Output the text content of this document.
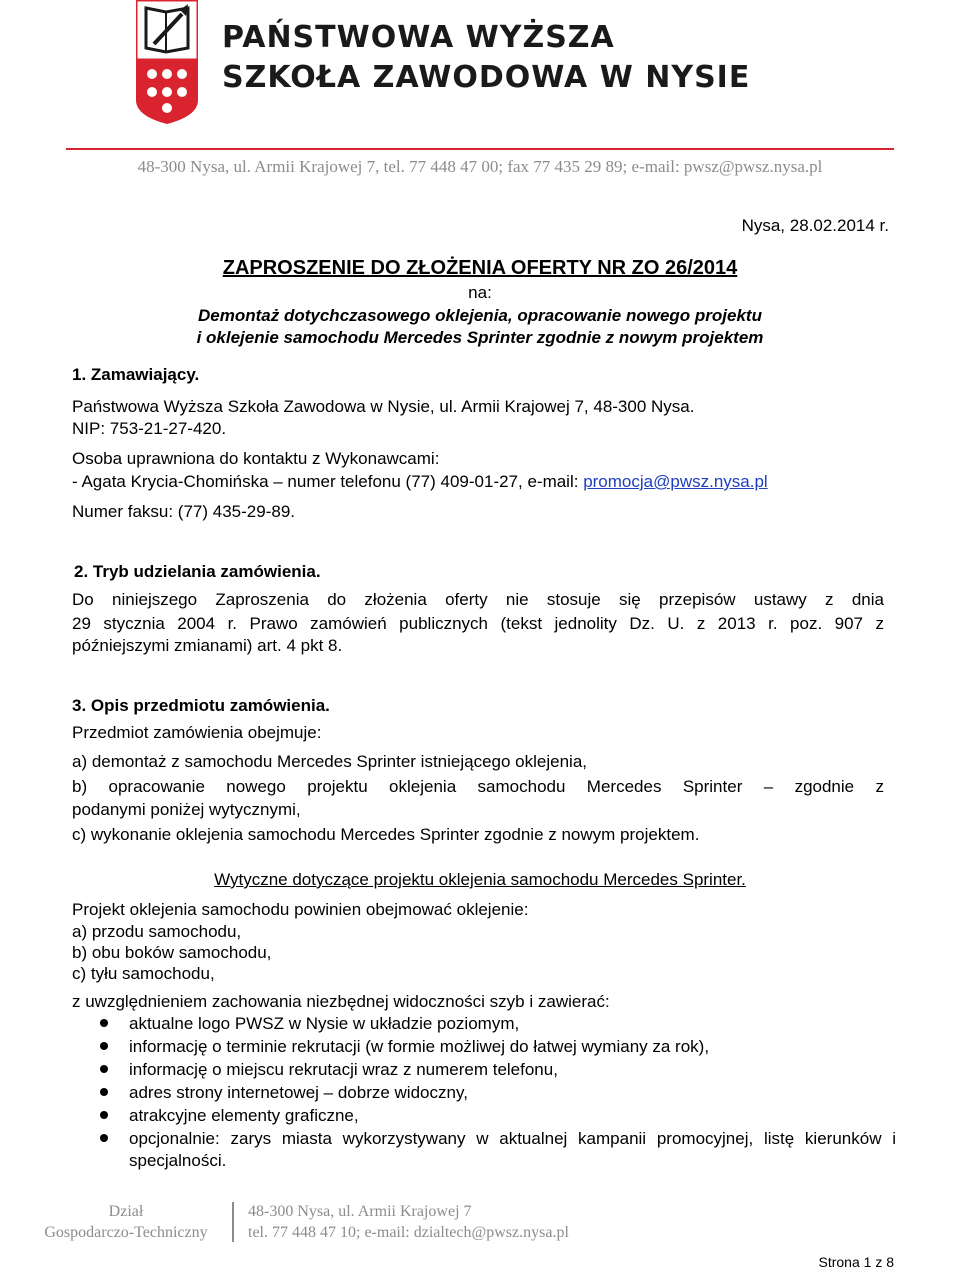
PAŃSTWOWA WYŻSZA
SZKOŁA ZAWODOWA W NYSIE
48-300 Nysa, ul. Armii Krajowej 7, tel. 77 448 47 00; fax 77 435 29 89; e-mail: pwsz@pwsz.nysa.pl
Nysa, 28.02.2014 r.
ZAPROSZENIE DO ZŁOŻENIA OFERTY NR ZO 26/2014
na:
Demontaż dotychczasowego oklejenia, opracowanie nowego projektu
i oklejenie samochodu Mercedes Sprinter zgodnie z nowym projektem
1. Zamawiający.
Państwowa Wyższa Szkoła Zawodowa w Nysie, ul. Armii Krajowej 7, 48-300 Nysa.
NIP: 753-21-27-420.
Osoba uprawniona do kontaktu z Wykonawcami:
- Agata Krycia-Chomińska – numer telefonu (77) 409-01-27, e-mail: promocja@pwsz.nysa.pl
Numer faksu: (77) 435-29-89.
2. Tryb udzielania zamówienia.
Do niniejszego Zaproszenia do złożenia oferty nie stosuje się przepisów ustawy z dnia
29 stycznia 2004 r. Prawo zamówień publicznych (tekst jednolity Dz. U. z 2013 r. poz. 907 z
późniejszymi zmianami) art. 4 pkt 8.
3. Opis przedmiotu zamówienia.
Przedmiot zamówienia obejmuje:
a) demontaż z samochodu Mercedes Sprinter istniejącego oklejenia,
b) opracowanie nowego projektu oklejenia samochodu Mercedes Sprinter – zgodnie z
podanymi poniżej wytycznymi,
c) wykonanie oklejenia samochodu Mercedes Sprinter zgodnie z nowym projektem.
Wytyczne dotyczące projektu oklejenia samochodu Mercedes Sprinter.
Projekt oklejenia samochodu powinien obejmować oklejenie:
a) przodu samochodu,
b) obu boków samochodu,
c) tyłu samochodu,
z uwzględnieniem zachowania niezbędnej widoczności szyb i zawierać:
aktualne logo PWSZ w Nysie w układzie poziomym,
informację o terminie rekrutacji (w formie możliwej do łatwej wymiany za rok),
informację o miejscu rekrutacji wraz z numerem telefonu,
adres strony internetowej – dobrze widoczny,
atrakcyjne elementy graficzne,
opcjonalnie: zarys miasta wykorzystywany w aktualnej kampanii promocyjnej, listę kierunków i specjalności.
Dział
Gospodarczo-Techniczny
48-300 Nysa, ul. Armii Krajowej 7
tel. 77 448 47 10; e-mail: dzialtech@pwsz.nysa.pl
Strona 1 z 8
